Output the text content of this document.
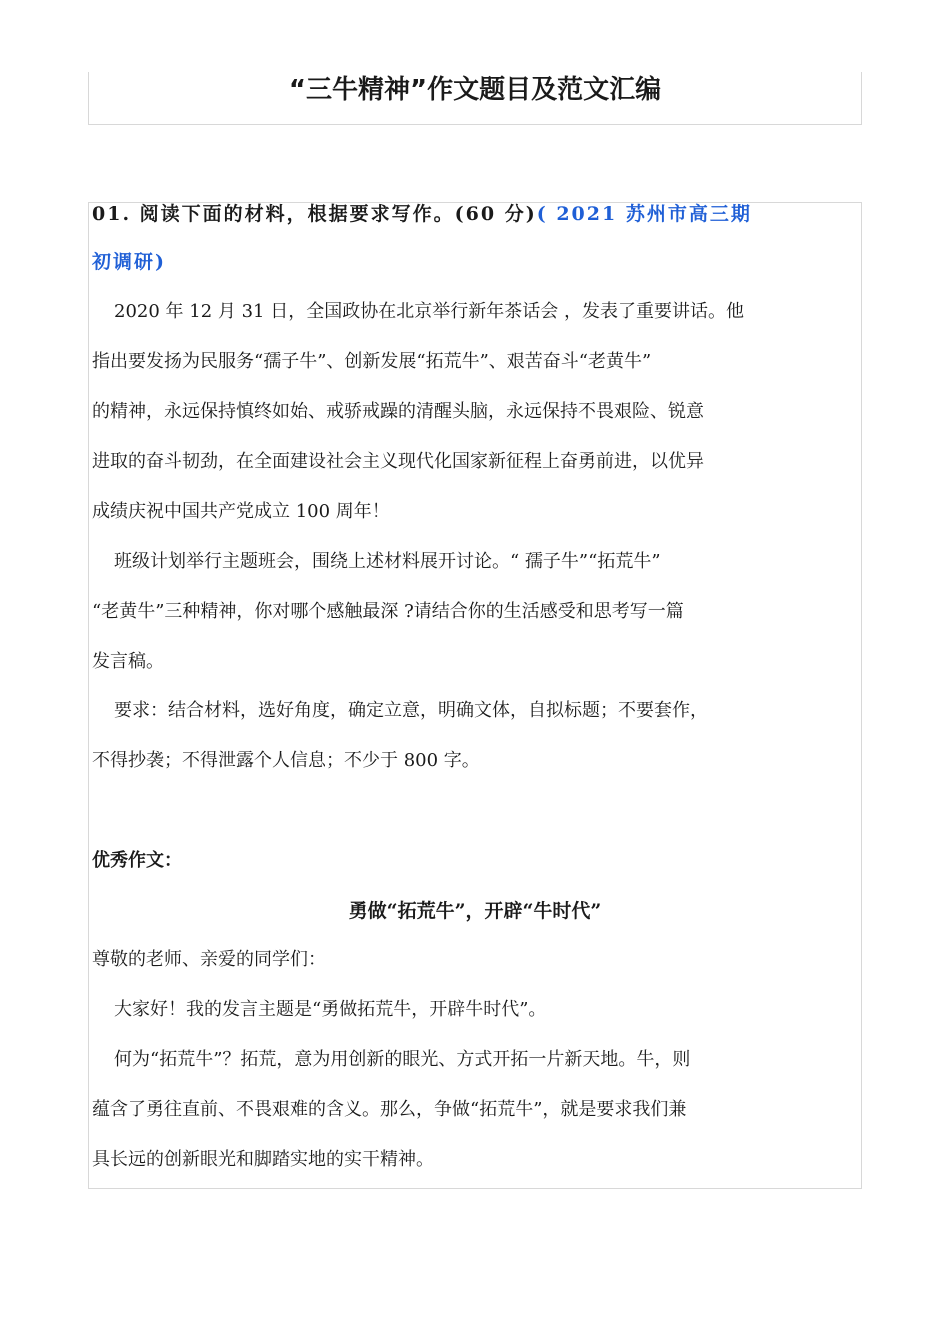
“三牛精神”作文题目及范文汇编
01. 阅读下面的材料，根据要求写作。(60 分)( 2021 苏州市高三期
初调研)
2020 年 12 月 31 日，全国政协在北京举行新年茶话会 ，发表了重要讲话。他
指出要发扬为民服务“孺子牛”、创新发展“拓荒牛”、艰苦奋斗“老黄牛”
的精神，永远保持慎终如始、戒骄戒躁的清醒头脑，永远保持不畏艰险、锐意
进取的奋斗韧劲，在全面建设社会主义现代化国家新征程上奋勇前进，以优异
成绩庆祝中国共产党成立 100 周年！
班级计划举行主题班会，围绕上述材料展开讨论。“ 孺子牛”“拓荒牛”
“老黄牛”三种精神，你对哪个感触最深 ?请结合你的生活感受和思考写一篇
发言稿。
要求：结合材料，选好角度，确定立意，明确文体，自拟标题；不要套作，
不得抄袭；不得泄露个人信息；不少于 800 字。
优秀作文：
勇做“拓荒牛”，开辟“牛时代”
尊敬的老师、亲爱的同学们：
大家好！我的发言主题是“勇做拓荒牛，开辟牛时代”。
何为“拓荒牛”？拓荒，意为用创新的眼光、方式开拓一片新天地。牛，则
蕴含了勇往直前、不畏艰难的含义。那么，争做“拓荒牛”，就是要求我们兼
具长远的创新眼光和脚踏实地的实干精神。
